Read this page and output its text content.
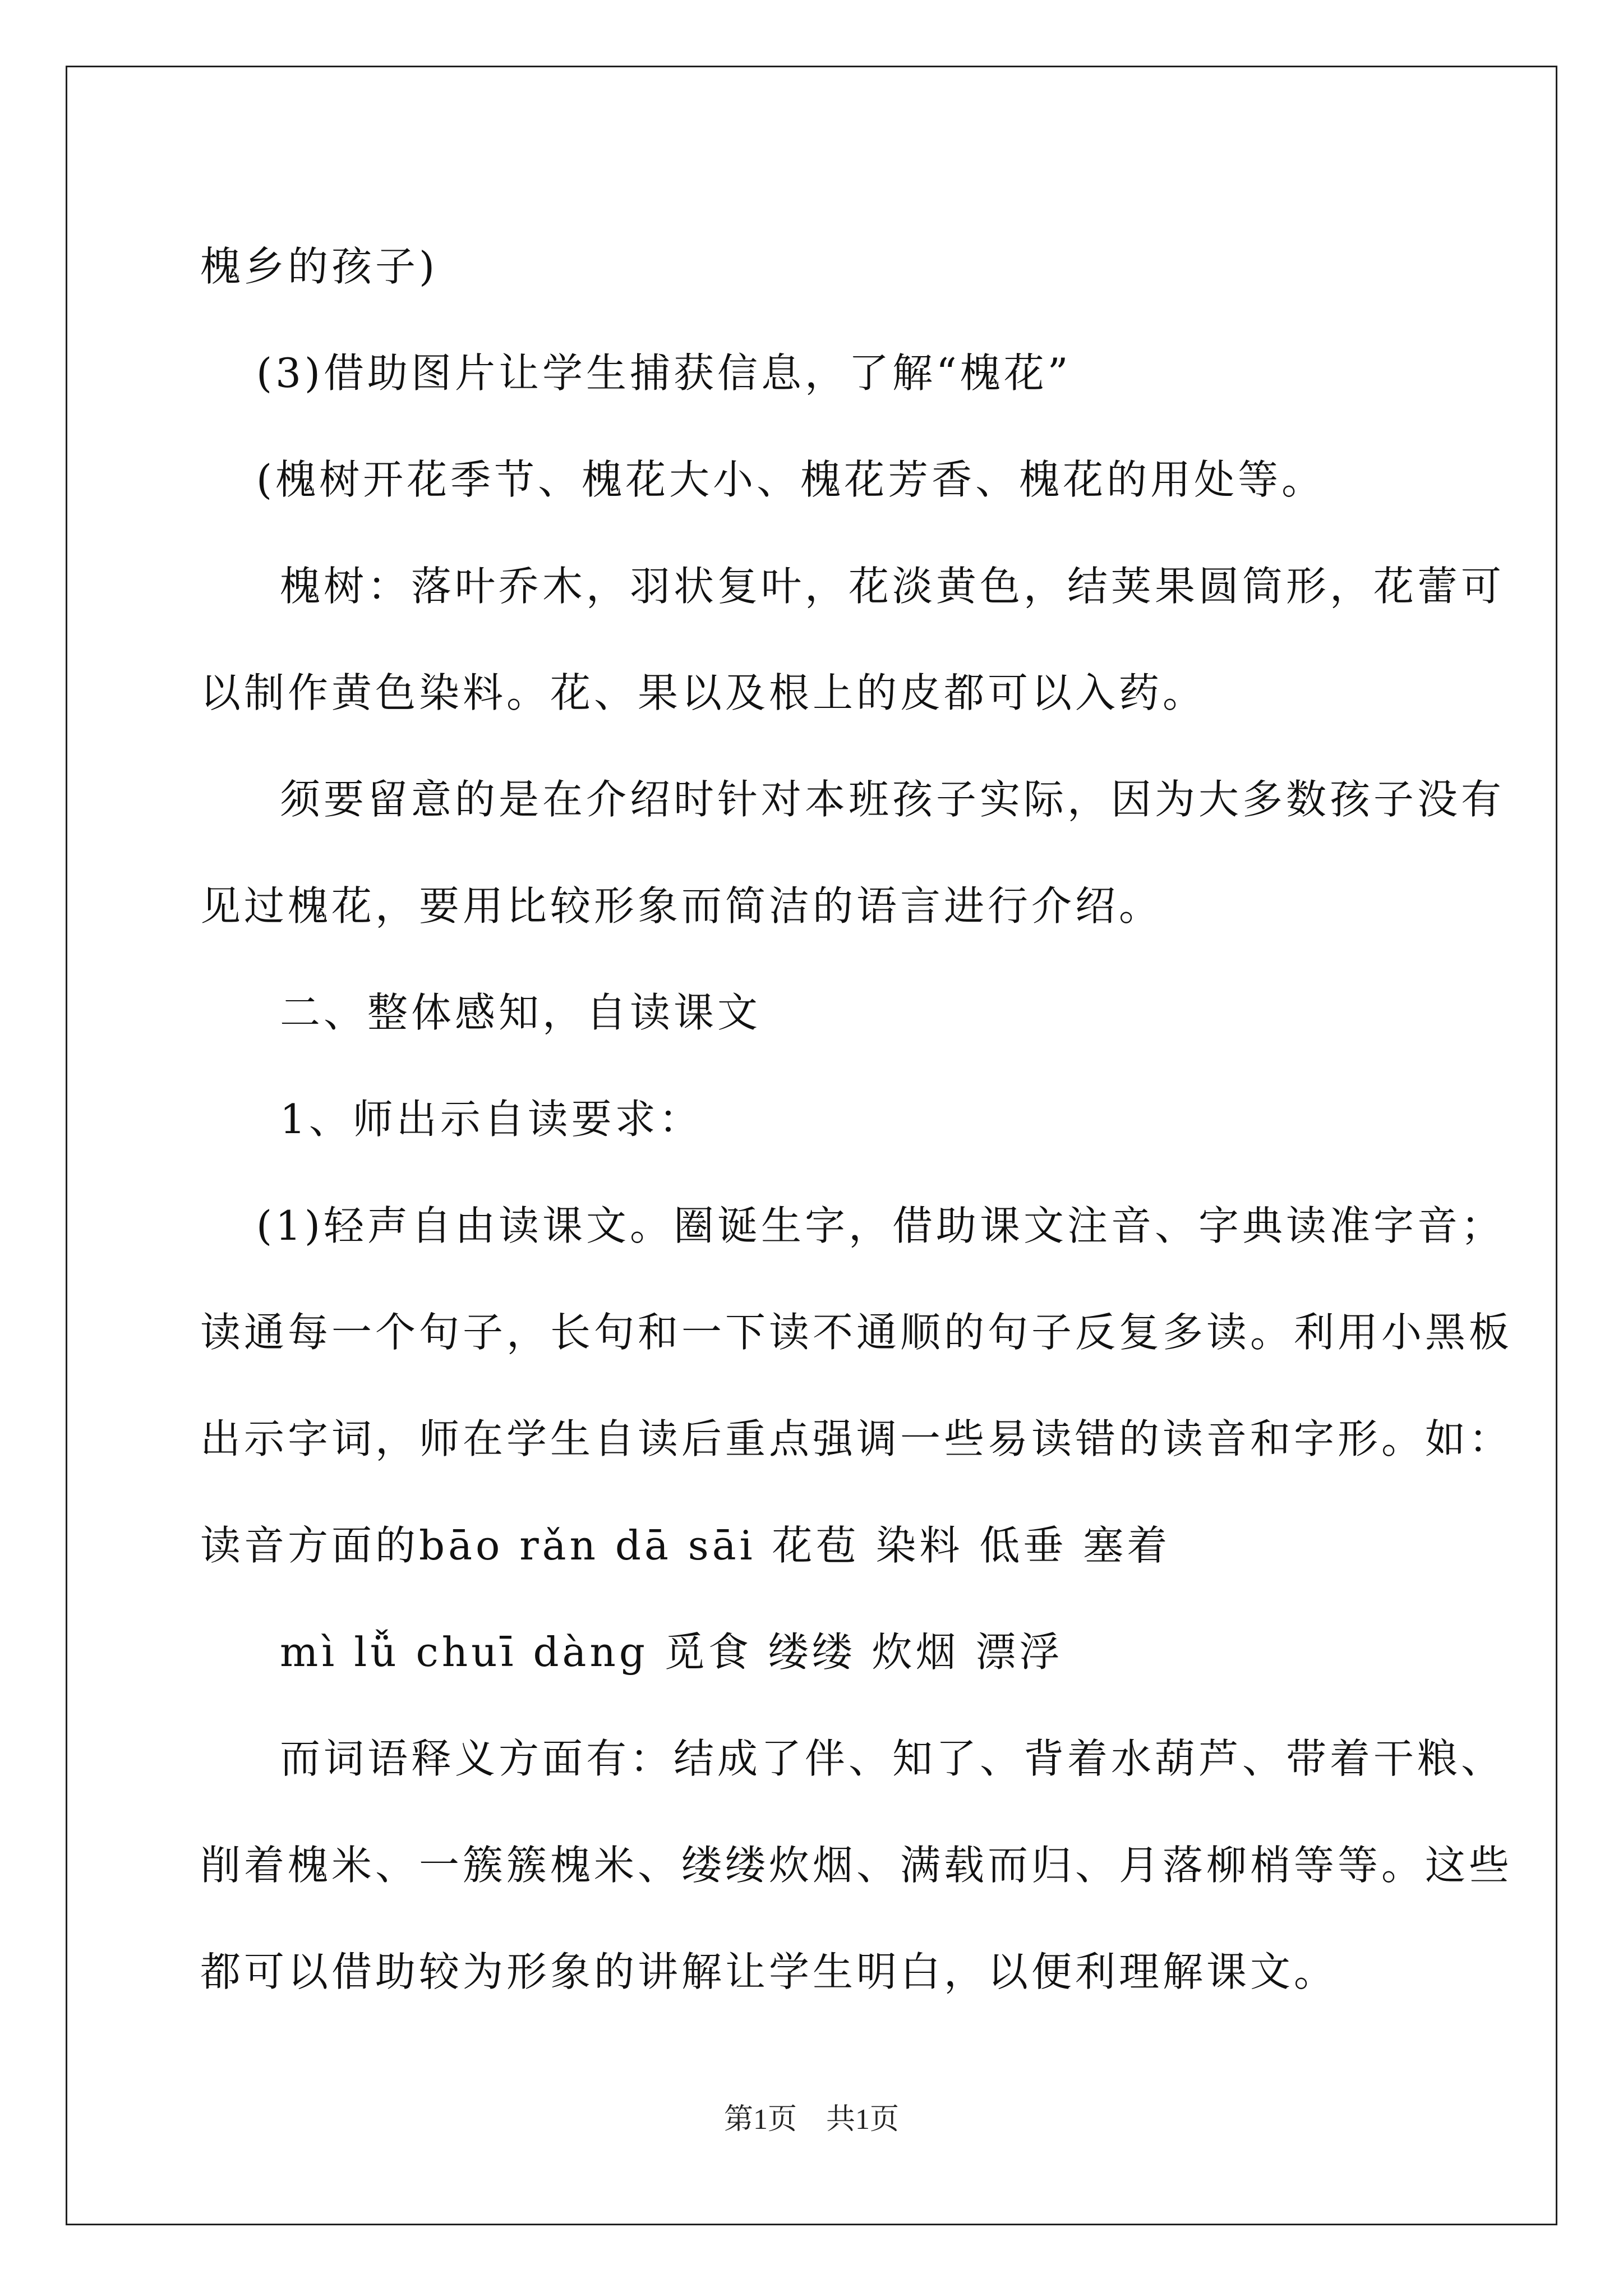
槐乡的孩子)
(3)借助图片让学生捕获信息，了解“槐花”
(槐树开花季节、槐花大小、槐花芳香、槐花的用处等。
槐树：落叶乔木，羽状复叶，花淡黄色，结荚果圆筒形，花蕾可
以制作黄色染料。花、果以及根上的皮都可以入药。
须要留意的是在介绍时针对本班孩子实际，因为大多数孩子没有
见过槐花，要用比较形象而简洁的语言进行介绍。
二、整体感知，自读课文
1、师出示自读要求：
(1)轻声自由读课文。圈诞生字，借助课文注音、字典读准字音；
读通每一个句子，长句和一下读不通顺的句子反复多读。利用小黑板
出示字词，师在学生自读后重点强调一些易读错的读音和字形。如：
读音方面的bāo rǎn dā sāi 花苞 染料 低垂 塞着
mì lǚ chuī dàng 觅食 缕缕 炊烟 漂浮
而词语释义方面有：结成了伴、知了、背着水葫芦、带着干粮、
削着槐米、一簇簇槐米、缕缕炊烟、满载而归、月落柳梢等等。这些
都可以借助较为形象的讲解让学生明白，以便利理解课文。
第1页　共1页
